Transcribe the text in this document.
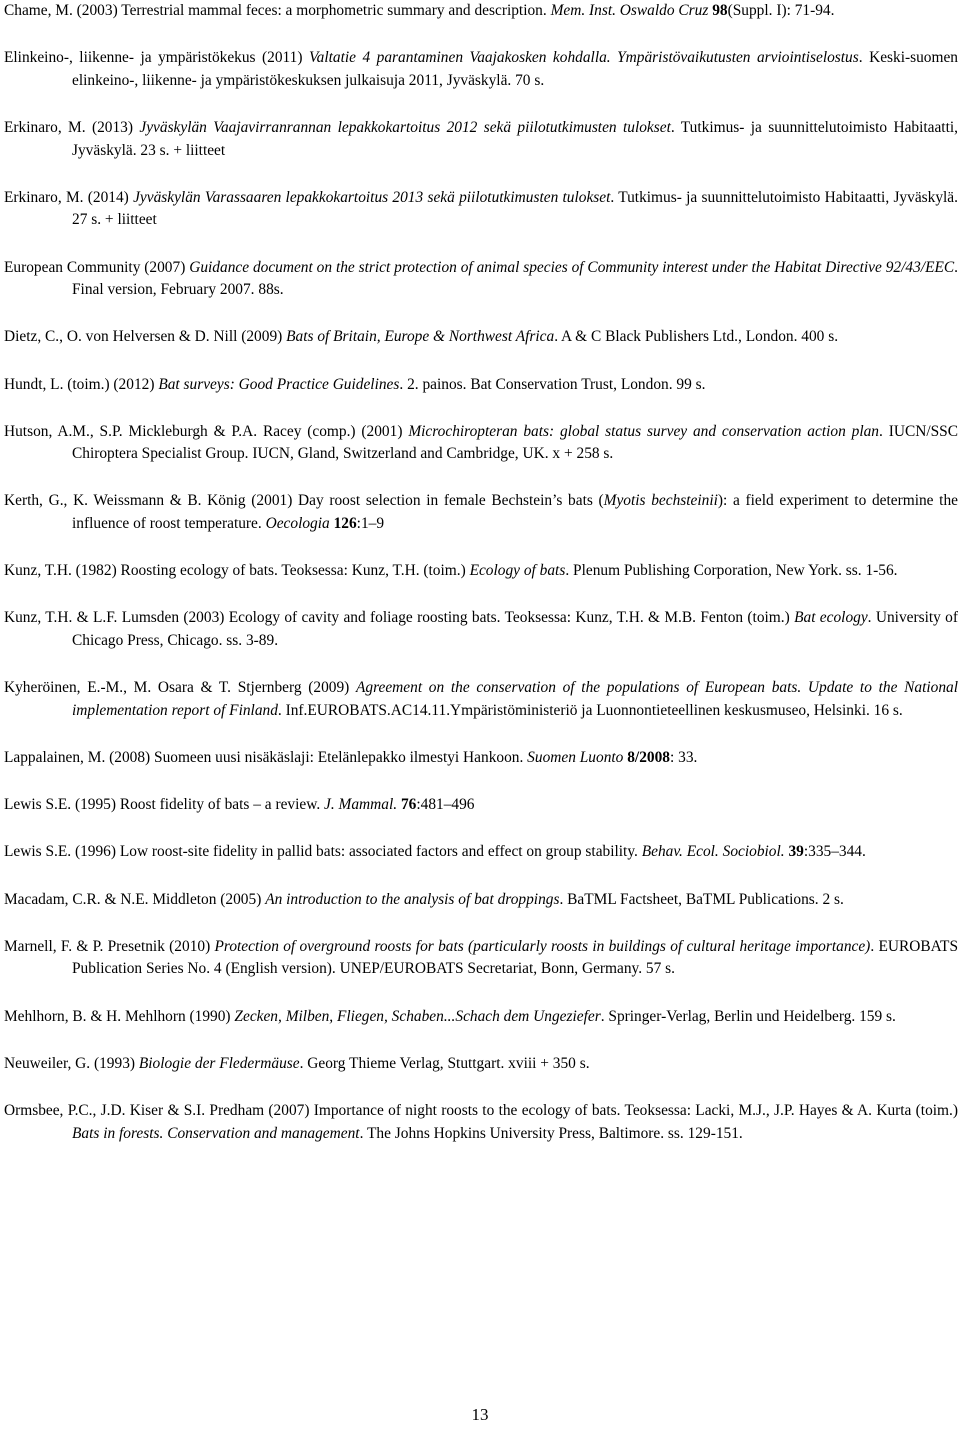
Chame, M. (2003) Terrestrial mammal feces: a morphometric summary and description. Mem. Inst. Oswaldo Cruz 98(Suppl. I): 71-94.

Elinkeino-, liikenne- ja ympäristökekus (2011) Valtatie 4 parantaminen Vaajakosken kohdalla. Ympäristövaikutusten arviointiselostus. Keski-suomen elinkeino-, liikenne- ja ympäristökeskuksen julkaisuja 2011, Jyväskylä. 70 s.

Erkinaro, M. (2013) Jyväskylän Vaajavirranrannan lepakkokartoitus 2012 sekä piilotutkimusten tulokset. Tutkimus- ja suunnittelutoimisto Habitaatti, Jyväskylä. 23 s. + liitteet

Erkinaro, M. (2014) Jyväskylän Varassaaren lepakkokartoitus 2013 sekä piilotutkimusten tulokset. Tutkimus- ja suunnittelutoimisto Habitaatti, Jyväskylä. 27 s. + liitteet

European Community (2007) Guidance document on the strict protection of animal species of Community interest under the Habitat Directive 92/43/EEC. Final version, February 2007. 88s.

Dietz, C., O. von Helversen & D. Nill (2009) Bats of Britain, Europe & Northwest Africa. A & C Black Publishers Ltd., London. 400 s.

Hundt, L. (toim.) (2012) Bat surveys: Good Practice Guidelines. 2. painos. Bat Conservation Trust, London. 99 s.

Hutson, A.M., S.P. Mickleburgh & P.A. Racey (comp.) (2001) Microchiropteran bats: global status survey and conservation action plan. IUCN/SSC Chiroptera Specialist Group. IUCN, Gland, Switzerland and Cambridge, UK. x + 258 s.

Kerth, G., K. Weissmann & B. König (2001) Day roost selection in female Bechstein’s bats (Myotis bechsteinii): a field experiment to determine the influence of roost temperature. Oecologia 126:1–9

Kunz, T.H. (1982) Roosting ecology of bats. Teoksessa: Kunz, T.H. (toim.) Ecology of bats. Plenum Publishing Corporation, New York. ss. 1-56.

Kunz, T.H. & L.F. Lumsden (2003) Ecology of cavity and foliage roosting bats. Teoksessa: Kunz, T.H. & M.B. Fenton (toim.) Bat ecology. University of Chicago Press, Chicago. ss. 3-89.

Kyheröinen, E.-M., M. Osara & T. Stjernberg (2009) Agreement on the conservation of the populations of European bats. Update to the National implementation report of Finland. Inf.EUROBATS.AC14.11.Ympäristöministeriö ja Luonnontieteellinen keskusmuseo, Helsinki. 16 s.

Lappalainen, M. (2008) Suomeen uusi nisäkäslaji: Etelänlepakko ilmestyi Hankoon. Suomen Luonto 8/2008: 33.

Lewis S.E. (1995) Roost fidelity of bats – a review. J. Mammal. 76:481–496

Lewis S.E. (1996) Low roost-site fidelity in pallid bats: associated factors and effect on group stability. Behav. Ecol. Sociobiol. 39:335–344.

Macadam, C.R. & N.E. Middleton (2005) An introduction to the analysis of bat droppings. BaTML Factsheet, BaTML Publications. 2 s.

Marnell, F. & P. Presetnik (2010) Protection of overground roosts for bats (particularly roosts in buildings of cultural heritage importance). EUROBATS Publication Series No. 4 (English version). UNEP/EUROBATS Secretariat, Bonn, Germany. 57 s.

Mehlhorn, B. & H. Mehlhorn (1990) Zecken, Milben, Fliegen, Schaben...Schach dem Ungeziefer. Springer-Verlag, Berlin und Heidelberg. 159 s.

Neuweiler, G. (1993) Biologie der Fledermäuse. Georg Thieme Verlag, Stuttgart. xviii + 350 s.

Ormsbee, P.C., J.D. Kiser & S.I. Predham (2007) Importance of night roosts to the ecology of bats. Teoksessa: Lacki, M.J., J.P. Hayes & A. Kurta (toim.) Bats in forests. Conservation and management. The Johns Hopkins University Press, Baltimore. ss. 129-151.

13
